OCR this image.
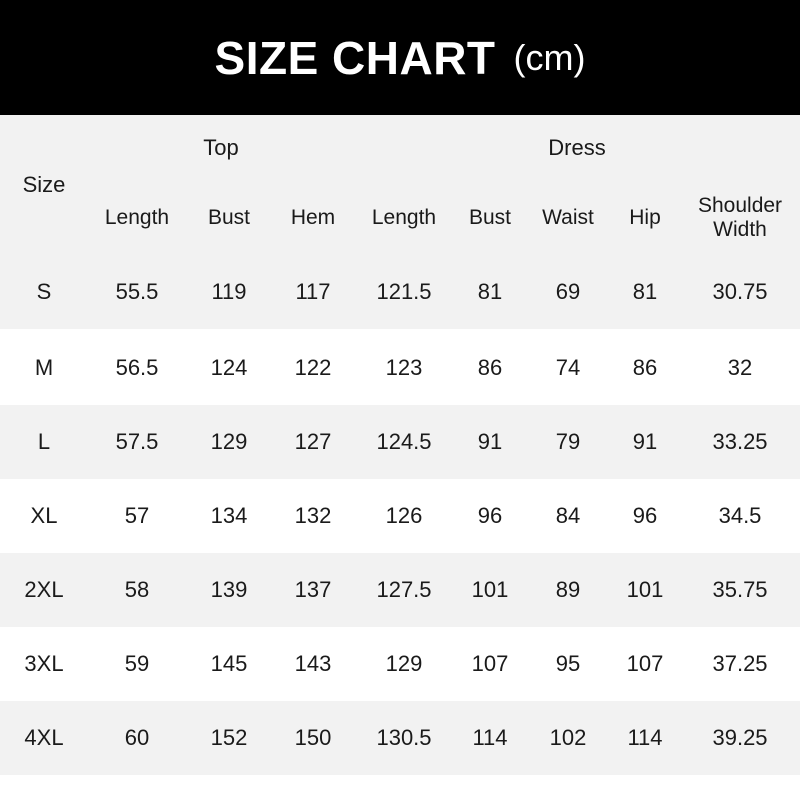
SIZE CHART (cm)
Size	Top			Dress				
	Length	Bust	Hem	Length	Bust	Waist	Hip	Shoulder
Width
S	55.5	119	117	121.5	81	69	81	30.75
M	56.5	124	122	123	86	74	86	32
L	57.5	129	127	124.5	91	79	91	33.25
XL	57	134	132	126	96	84	96	34.5
2XL	58	139	137	127.5	101	89	101	35.75
3XL	59	145	143	129	107	95	107	37.25
4XL	60	152	150	130.5	114	102	114	39.25
